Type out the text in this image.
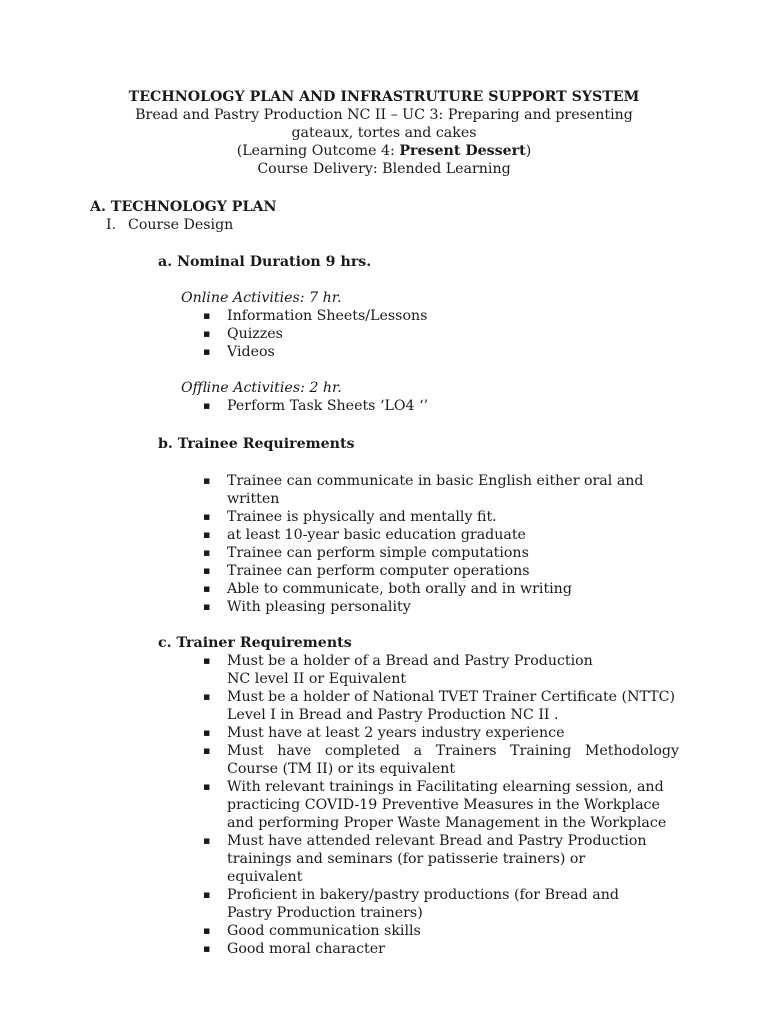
TECHNOLOGY PLAN AND INFRASTRUTURE SUPPORT SYSTEM
Bread and Pastry Production NC II – UC 3: Preparing and presenting
gateaux, tortes and cakes
(Learning Outcome 4: Present Dessert)
Course Delivery: Blended Learning
A. TECHNOLOGY PLAN
I. Course Design
a. Nominal Duration 9 hrs.
Online Activities: 7 hr.
▪ Information Sheets/Lessons
▪ Quizzes
▪ Videos
Offline Activities: 2 hr.
▪ Perform Task Sheets ‘LO4 ‘’
b. Trainee Requirements
▪ Trainee can communicate in basic English either oral and
written
▪ Trainee is physically and mentally fit.
▪ at least 10-year basic education graduate
▪ Trainee can perform simple computations
▪ Trainee can perform computer operations
▪ Able to communicate, both orally and in writing
▪ With pleasing personality
c. Trainer Requirements
▪ Must be a holder of a Bread and Pastry Production
NC level II or Equivalent
▪ Must be a holder of National TVET Trainer Certificate (NTTC)
Level I in Bread and Pastry Production NC II .
▪ Must have at least 2 years industry experience
▪ Must have completed a Trainers Training Methodology
Course (TM II) or its equivalent
▪ With relevant trainings in Facilitating elearning session, and
practicing COVID-19 Preventive Measures in the Workplace
and performing Proper Waste Management in the Workplace
▪ Must have attended relevant Bread and Pastry Production
trainings and seminars (for patisserie trainers) or
equivalent
▪ Proficient in bakery/pastry productions (for Bread and
Pastry Production trainers)
▪ Good communication skills
▪ Good moral character
